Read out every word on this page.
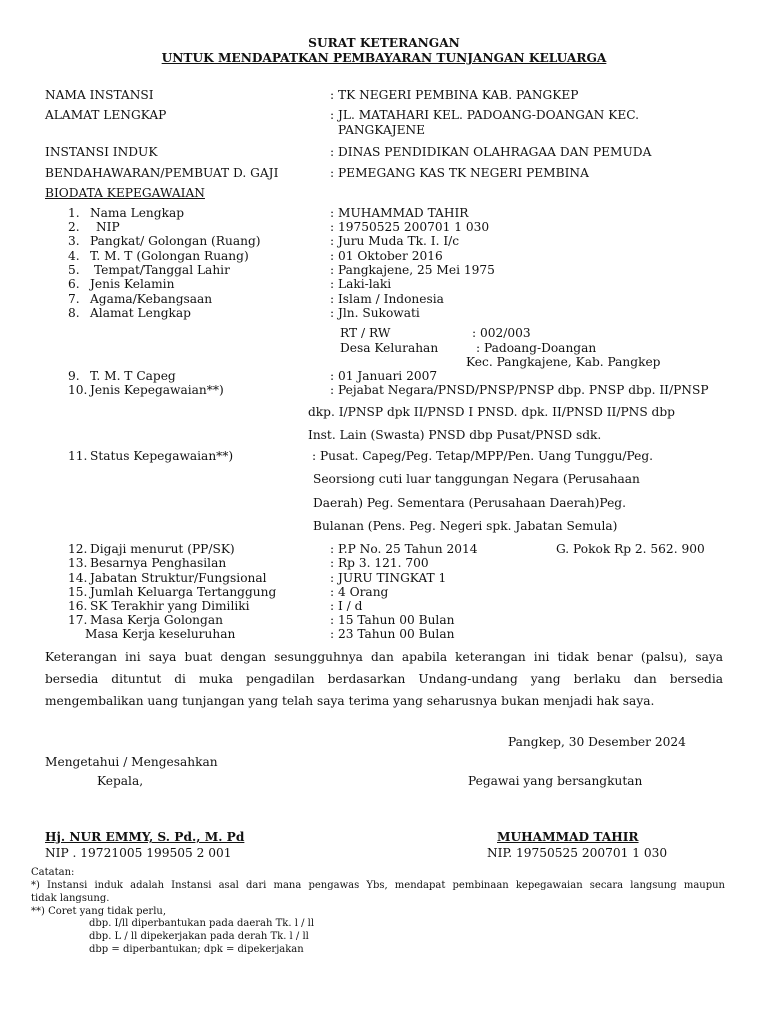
SURAT KETERANGAN
UNTUK MENDAPATKAN PEMBAYARAN TUNJANGAN KELUARGA
NAMA INSTANSI	: TK NEGERI PEMBINA KAB. PANGKEP
ALAMAT LENGKAP	: JL. MATAHARI KEL. PADOANG-DOANGAN KEC.
PANGKAJENE
INSTANSI INDUK	: DINAS PENDIDIKAN OLAHRAGAA DAN PEMUDA
BENDAHAWARAN/PEMBUAT D. GAJI	: PEMEGANG KAS TK NEGERI PEMBINA
BIODATA KEPEGAWAIAN
1. Nama Lengkap	: MUHAMMAD TAHIR
2. NIP	: 19750525 200701 1 030
3. Pangkat/ Golongan (Ruang)	: Juru Muda Tk. I. I/c
4. T. M. T (Golongan Ruang)	: 01 Oktober 2016
5. Tempat/Tanggal Lahir	: Pangkajene, 25 Mei 1975
6. Jenis Kelamin	: Laki-laki
7. Agama/Kebangsaan	: Islam / Indonesia
8. Alamat Lengkap	: Jln. Sukowati
RT / RW	: 002/003
Desa Kelurahan	: Padoang-Doangan
Kec. Pangkajene, Kab. Pangkep
9. T. M. T Capeg	: 01 Januari 2007
10. Jenis Kepegawaian**)	: Pejabat Negara/PNSD/PNSP/PNSP dbp. PNSP dbp. II/PNSP
dkp. I/PNSP dpk II/PNSD I PNSD. dpk. II/PNSD II/PNS dbp
Inst. Lain (Swasta) PNSD dbp Pusat/PNSD sdk.
11. Status Kepegawaian**)	: Pusat. Capeg/Peg. Tetap/MPP/Pen. Uang Tunggu/Peg.
Seorsiong cuti luar tanggungan Negara (Perusahaan
Daerah) Peg. Sementara (Perusahaan Daerah)Peg.
Bulanan (Pens. Peg. Negeri spk. Jabatan Semula)
12. Digaji menurut (PP/SK)	: P.P No. 25 Tahun 2014	G. Pokok Rp 2. 562. 900
13. Besarnya Penghasilan	: Rp 3. 121. 700
14. Jabatan Struktur/Fungsional	: JURU TINGKAT 1
15. Jumlah Keluarga Tertanggung	: 4 Orang
16. SK Terakhir yang Dimiliki	: I / d
17. Masa Kerja Golongan	: 15 Tahun 00 Bulan
Masa Kerja keseluruhan	: 23 Tahun 00 Bulan
Keterangan ini saya buat dengan sesungguhnya dan apabila keterangan ini tidak benar (palsu), saya bersedia dituntut di muka pengadilan berdasarkan Undang-undang yang berlaku dan bersedia mengembalikan uang tunjangan yang telah saya terima yang seharusnya bukan menjadi hak saya.
Pangkep, 30 Desember 2024
Mengetahui / Mengesahkan
Kepala,	Pegawai yang bersangkutan
Hj. NUR EMMY, S. Pd., M. Pd
NIP . 19721005 199505 2 001
MUHAMMAD TAHIR
NIP. 19750525 200701 1 030
Catatan:
*) Instansi induk adalah Instansi asal dari mana pengawas Ybs, mendapat pembinaan kepegawaian secara langsung maupun
tidak langsung.
**) Coret yang tidak perlu,
dbp. I/ll diperbantukan pada daerah Tk. l / ll
dbp. L / ll dipekerjakan pada derah Tk. l / ll
dbp = diperbantukan; dpk = dipekerjakan
